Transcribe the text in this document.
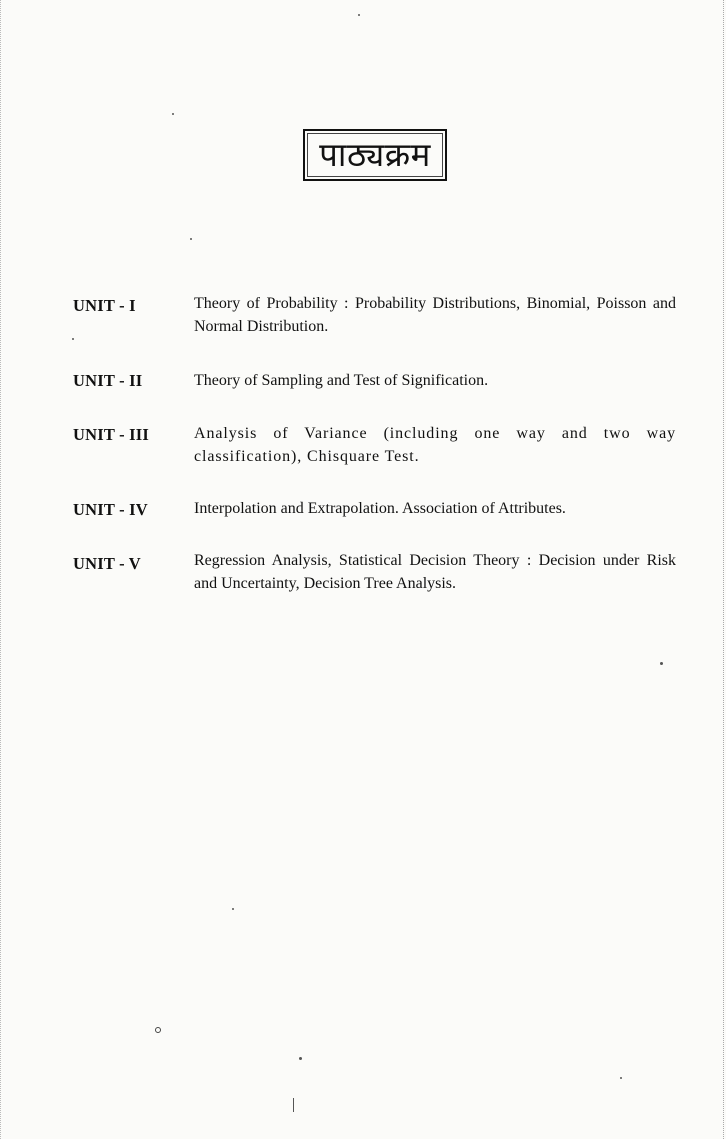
पाठ्यक्रम
UNIT - I	Theory of Probability : Probability Distributions, Binomial, Poisson and Normal Distribution.
UNIT - II	Theory of Sampling and Test of Signification.
UNIT - III	Analysis of Variance (including one way and two way classification), Chisquare Test.
UNIT - IV	Interpolation and Extrapolation. Association of Attributes.
UNIT - V	Regression Analysis, Statistical Decision Theory : Decision under Risk and Uncertainty, Decision Tree Analysis.
